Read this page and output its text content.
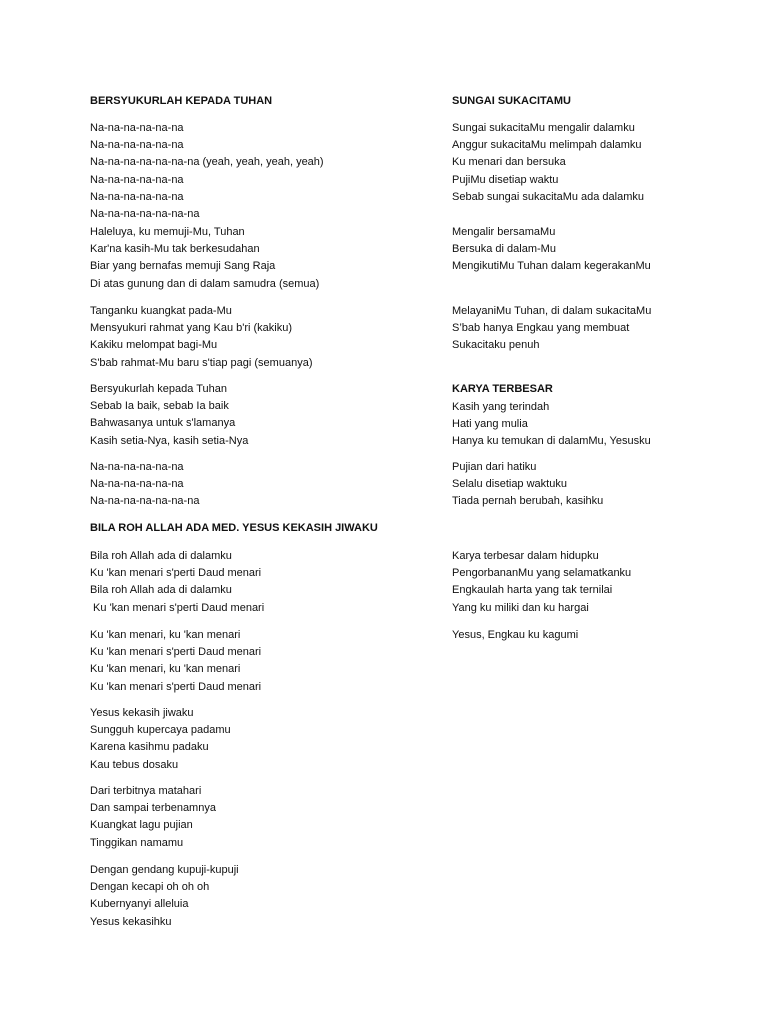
BERSYUKURLAH KEPADA TUHAN
Na-na-na-na-na-na
Na-na-na-na-na-na
Na-na-na-na-na-na-na (yeah, yeah, yeah, yeah)
Na-na-na-na-na-na
Na-na-na-na-na-na
Na-na-na-na-na-na-na
Haleluya, ku memuji-Mu, Tuhan
Kar'na kasih-Mu tak berkesudahan
Biar yang bernafas memuji Sang Raja
Di atas gunung dan di dalam samudra (semua)
Tanganku kuangkat pada-Mu
Mensyukuri rahmat yang Kau b'ri (kakiku)
Kakiku melompat bagi-Mu
S'bab rahmat-Mu baru s'tiap pagi (semuanya)
Bersyukurlah kepada Tuhan
Sebab Ia baik, sebab Ia baik
Bahwasanya untuk s'lamanya
Kasih setia-Nya, kasih setia-Nya
Na-na-na-na-na-na
Na-na-na-na-na-na
Na-na-na-na-na-na-na
BILA ROH ALLAH ADA MED. YESUS KEKASIH JIWAKU
Bila roh Allah ada di dalamku
Ku 'kan menari s'perti Daud menari
Bila roh Allah ada di dalamku
Ku 'kan menari s'perti Daud menari
Ku 'kan menari, ku 'kan menari
Ku 'kan menari s'perti Daud menari
Ku 'kan menari, ku 'kan menari
Ku 'kan menari s'perti Daud menari
Yesus kekasih jiwaku
Sungguh kupercaya padamu
Karena kasihmu padaku
Kau tebus dosaku
Dari terbitnya matahari
Dan sampai terbenamnya
Kuangkat lagu pujian
Tinggikan namamu
Dengan gendang kupuji-kupuji
Dengan kecapi oh oh oh
Kubernyanyi alleluia
Yesus kekasihku
SUNGAI SUKACITAMU
Sungai sukacitaMu mengalir dalamku
Anggur sukacitaMu melimpah dalamku
Ku menari dan bersuka
PujiMu disetiap waktu
Sebab sungai sukacitaMu ada dalamku
Mengalir bersamaMu
Bersuka di dalam-Mu
MengikutiMu Tuhan dalam kegerakanMu
MelayaniMu Tuhan, di dalam sukacitaMu
S’bab hanya Engkau yang membuat
Sukacitaku penuh
KARYA TERBESAR
Kasih yang terindah
Hati yang mulia
Hanya ku temukan di dalamMu, Yesusku
Pujian dari hatiku
Selalu disetiap waktuku
Tiada pernah berubah, kasihku
Karya terbesar dalam hidupku
PengorbananMu yang selamatkanku
Engkaulah harta yang tak ternilai
Yang ku miliki dan ku hargai
Yesus, Engkau ku kagumi
